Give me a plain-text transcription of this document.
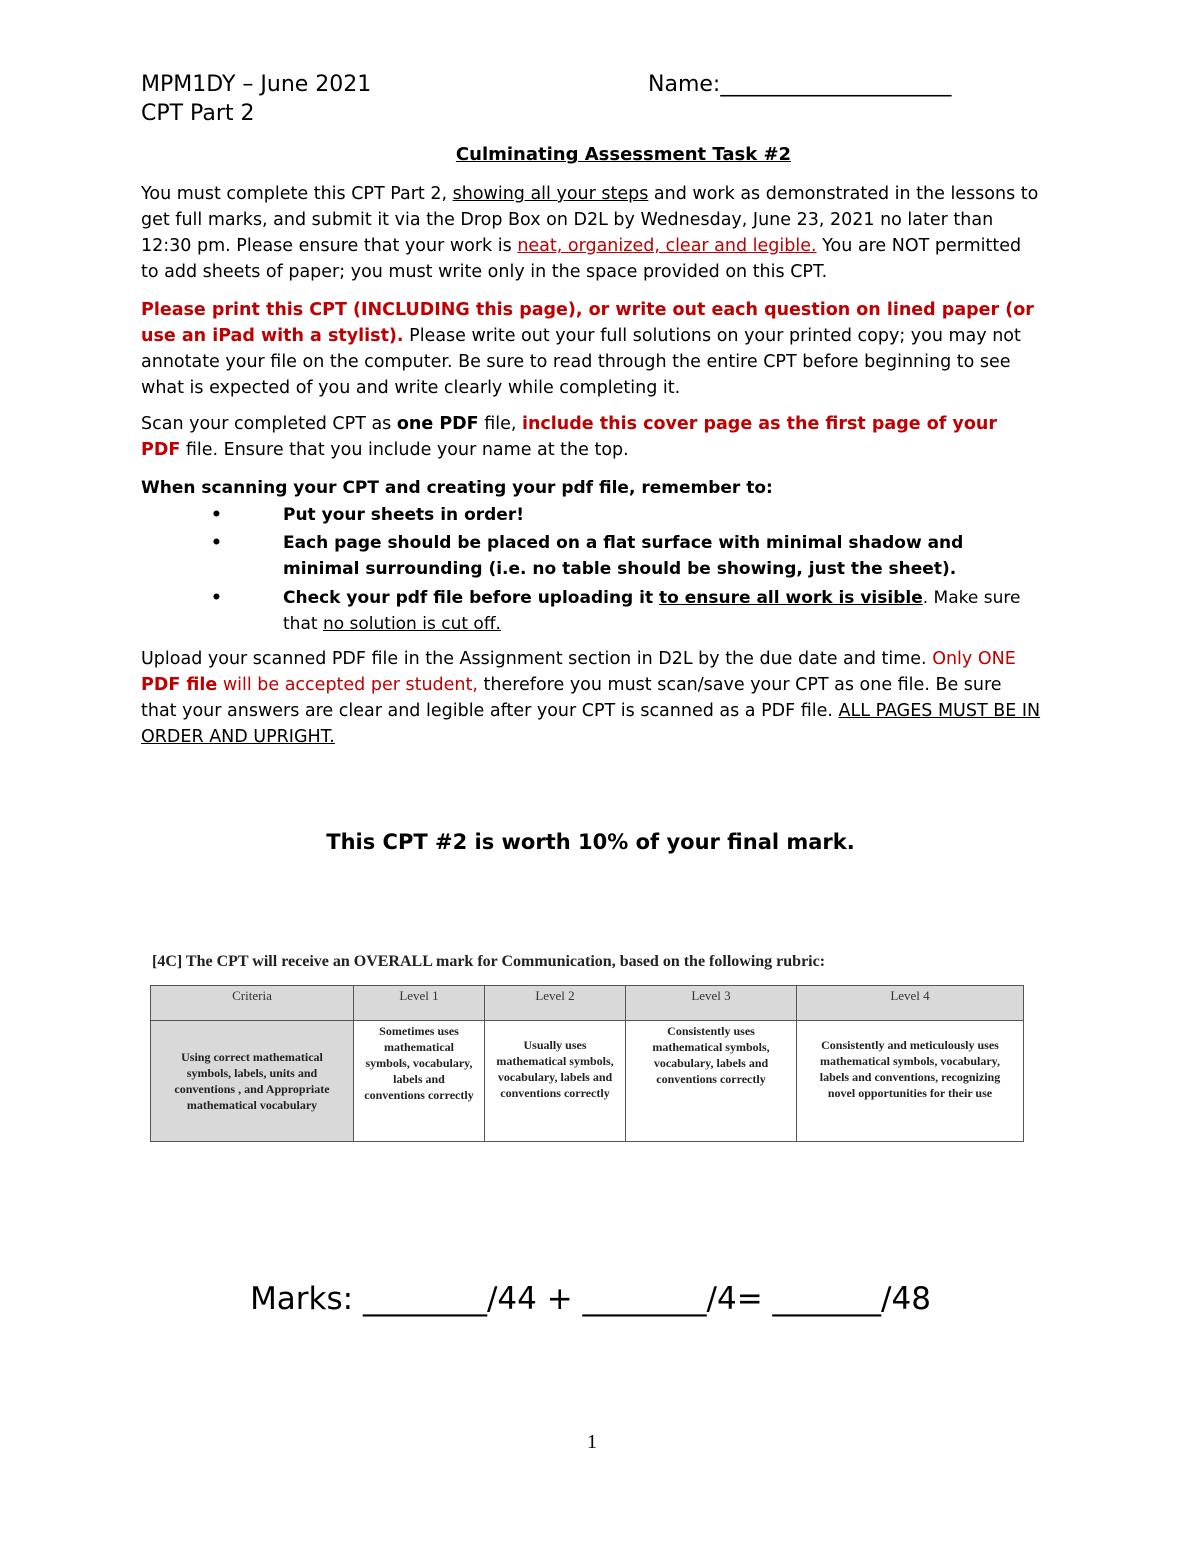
MPM1DY – June 2021
CPT Part 2
Name:_____________________
Culminating Assessment Task #2

You must complete this CPT Part 2, showing all your steps and work as demonstrated in the lessons to get full marks, and submit it via the Drop Box on D2L by Wednesday, June 23, 2021 no later than 12:30 pm. Please ensure that your work is neat, organized, clear and legible. You are NOT permitted to add sheets of paper; you must write only in the space provided on this CPT.

Please print this CPT (INCLUDING this page), or write out each question on lined paper (or use an iPad with a stylist). Please write out your full solutions on your printed copy; you may not annotate your file on the computer. Be sure to read through the entire CPT before beginning to see what is expected of you and write clearly while completing it.

Scan your completed CPT as one PDF file, include this cover page as the first page of your PDF file. Ensure that you include your name at the top.

When scanning your CPT and creating your pdf file, remember to:

•	Put your sheets in order!
•	Each page should be placed on a flat surface with minimal shadow and minimal surrounding (i.e. no table should be showing, just the sheet).
•	Check your pdf file before uploading it to ensure all work is visible. Make sure that no solution is cut off.

Upload your scanned PDF file in the Assignment section in D2L by the due date and time. Only ONE PDF file will be accepted per student, therefore you must scan/save your CPT as one file. Be sure that your answers are clear and legible after your CPT is scanned as a PDF file. ALL PAGES MUST BE IN ORDER AND UPRIGHT.

This CPT #2 is worth 10% of your final mark.
[4C] The CPT will receive an OVERALL mark for Communication, based on the following rubric:
Criteria	Level 1	Level 2	Level 3	Level 4
Using correct mathematical symbols, labels, units and conventions , and Appropriate mathematical vocabulary	Sometimes uses mathematical symbols, vocabulary, labels and conventions correctly	Usually uses mathematical symbols, vocabulary, labels and conventions correctly	Consistently uses mathematical symbols, vocabulary, labels and conventions correctly	Consistently and meticulously uses mathematical symbols, vocabulary, labels and conventions, recognizing novel opportunities for their use
Marks: ________/44 + ________/4= _______/48
1
